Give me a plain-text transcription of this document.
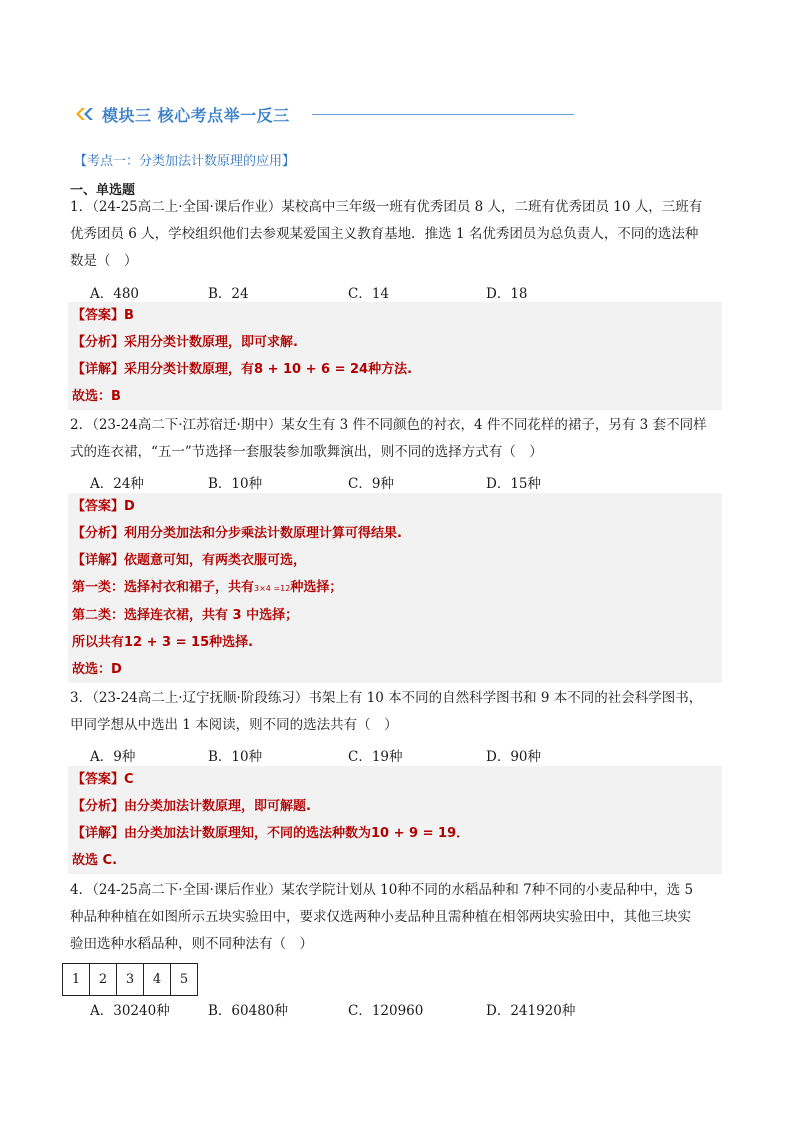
模块三 核心考点举一反三
【考点一：分类加法计数原理的应用】
一、单选题
1．（24-25高二上·全国·课后作业）某校高中三年级一班有优秀团员 8 人，二班有优秀团员 10 人，三班有
优秀团员 6 人，学校组织他们去参观某爱国主义教育基地．推选 1 名优秀团员为总负责人，不同的选法种
数是（　）
A．480	B．24	C．14	D．18
【答案】B
【分析】采用分类计数原理，即可求解.
【详解】采用分类计数原理，有8 + 10 + 6 = 24种方法.
故选：B
2．（23-24高二下·江苏宿迁·期中）某女生有 3 件不同颜色的衬衣，4 件不同花样的裙子，另有 3 套不同样
式的连衣裙，“五一”节选择一套服装参加歌舞演出，则不同的选择方式有（　）
A．24种	B．10种	C．9种	D．15种
【答案】D
【分析】利用分类加法和分步乘法计数原理计算可得结果.
【详解】依题意可知，有两类衣服可选，
第一类：选择衬衣和裙子，共有3×4 =12种选择；
第二类：选择连衣裙，共有 3 中选择；
所以共有12 + 3 = 15种选择.
故选：D
3．（23-24高二上·辽宁抚顺·阶段练习）书架上有 10 本不同的自然科学图书和 9 本不同的社会科学图书，
甲同学想从中选出 1 本阅读，则不同的选法共有（　）
A．9种	B．10种	C．19种	D．90种
【答案】C
【分析】由分类加法计数原理，即可解题.
【详解】由分类加法计数原理知，不同的选法种数为10 + 9 = 19．
故选 C.
4．（24-25高二下·全国·课后作业）某农学院计划从 10种不同的水稻品种和 7种不同的小麦品种中，选 5
种品种种植在如图所示五块实验田中，要求仅选两种小麦品种且需种植在相邻两块实验田中，其他三块实
验田选种水稻品种，则不同种法有（　）
1	2	3	4	5
A．30240种	B．60480种	C．120960	D．241920种
